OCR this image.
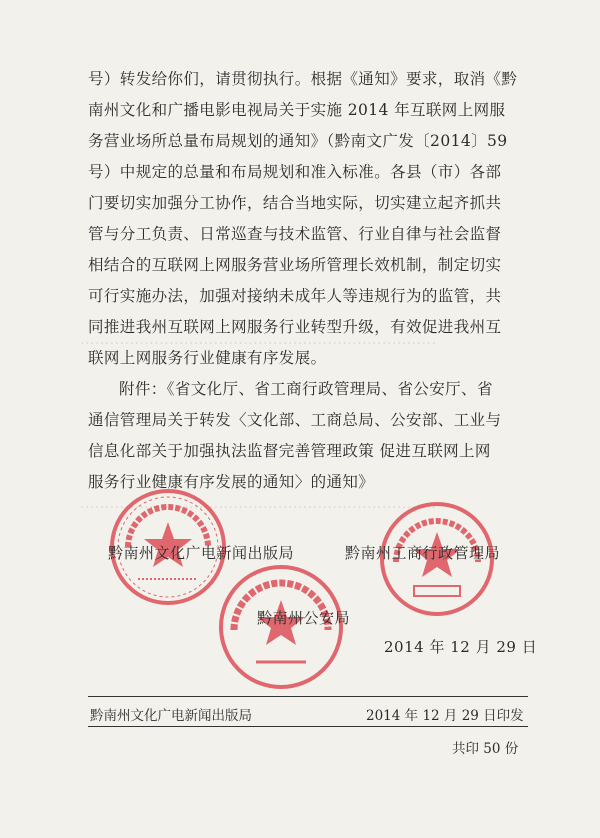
········································································
········································································
号）转发给你们，请贯彻执行。根据《通知》要求，取消《黔
南州文化和广播电影电视局关于实施 2014 年互联网上网服
务营业场所总量布局规划的通知》（黔南文广发〔2014〕59
号）中规定的总量和布局规划和准入标准。各县（市）各部
门要切实加强分工协作，结合当地实际，切实建立起齐抓共
管与分工负责、日常巡查与技术监管、行业自律与社会监督
相结合的互联网上网服务营业场所管理长效机制，制定切实
可行实施办法，加强对接纳未成年人等违规行为的监管，共
同推进我州互联网上网服务行业转型升级，有效促进我州互
联网上网服务行业健康有序发展。
附件：《省文化厅、省工商行政管理局、省公安厅、省
通信管理局关于转发〈文化部、工商总局、公安部、工业与
信息化部关于加强执法监督完善管理政策 促进互联网上网
服务行业健康有序发展的通知〉的通知》
黔南州文化广电新闻出版局	黔南州工商行政管理局
黔南州公安局
2014 年 12 月 29 日
黔南州文化广电新闻出版局	2014 年 12 月 29 日印发
共印 50 份
